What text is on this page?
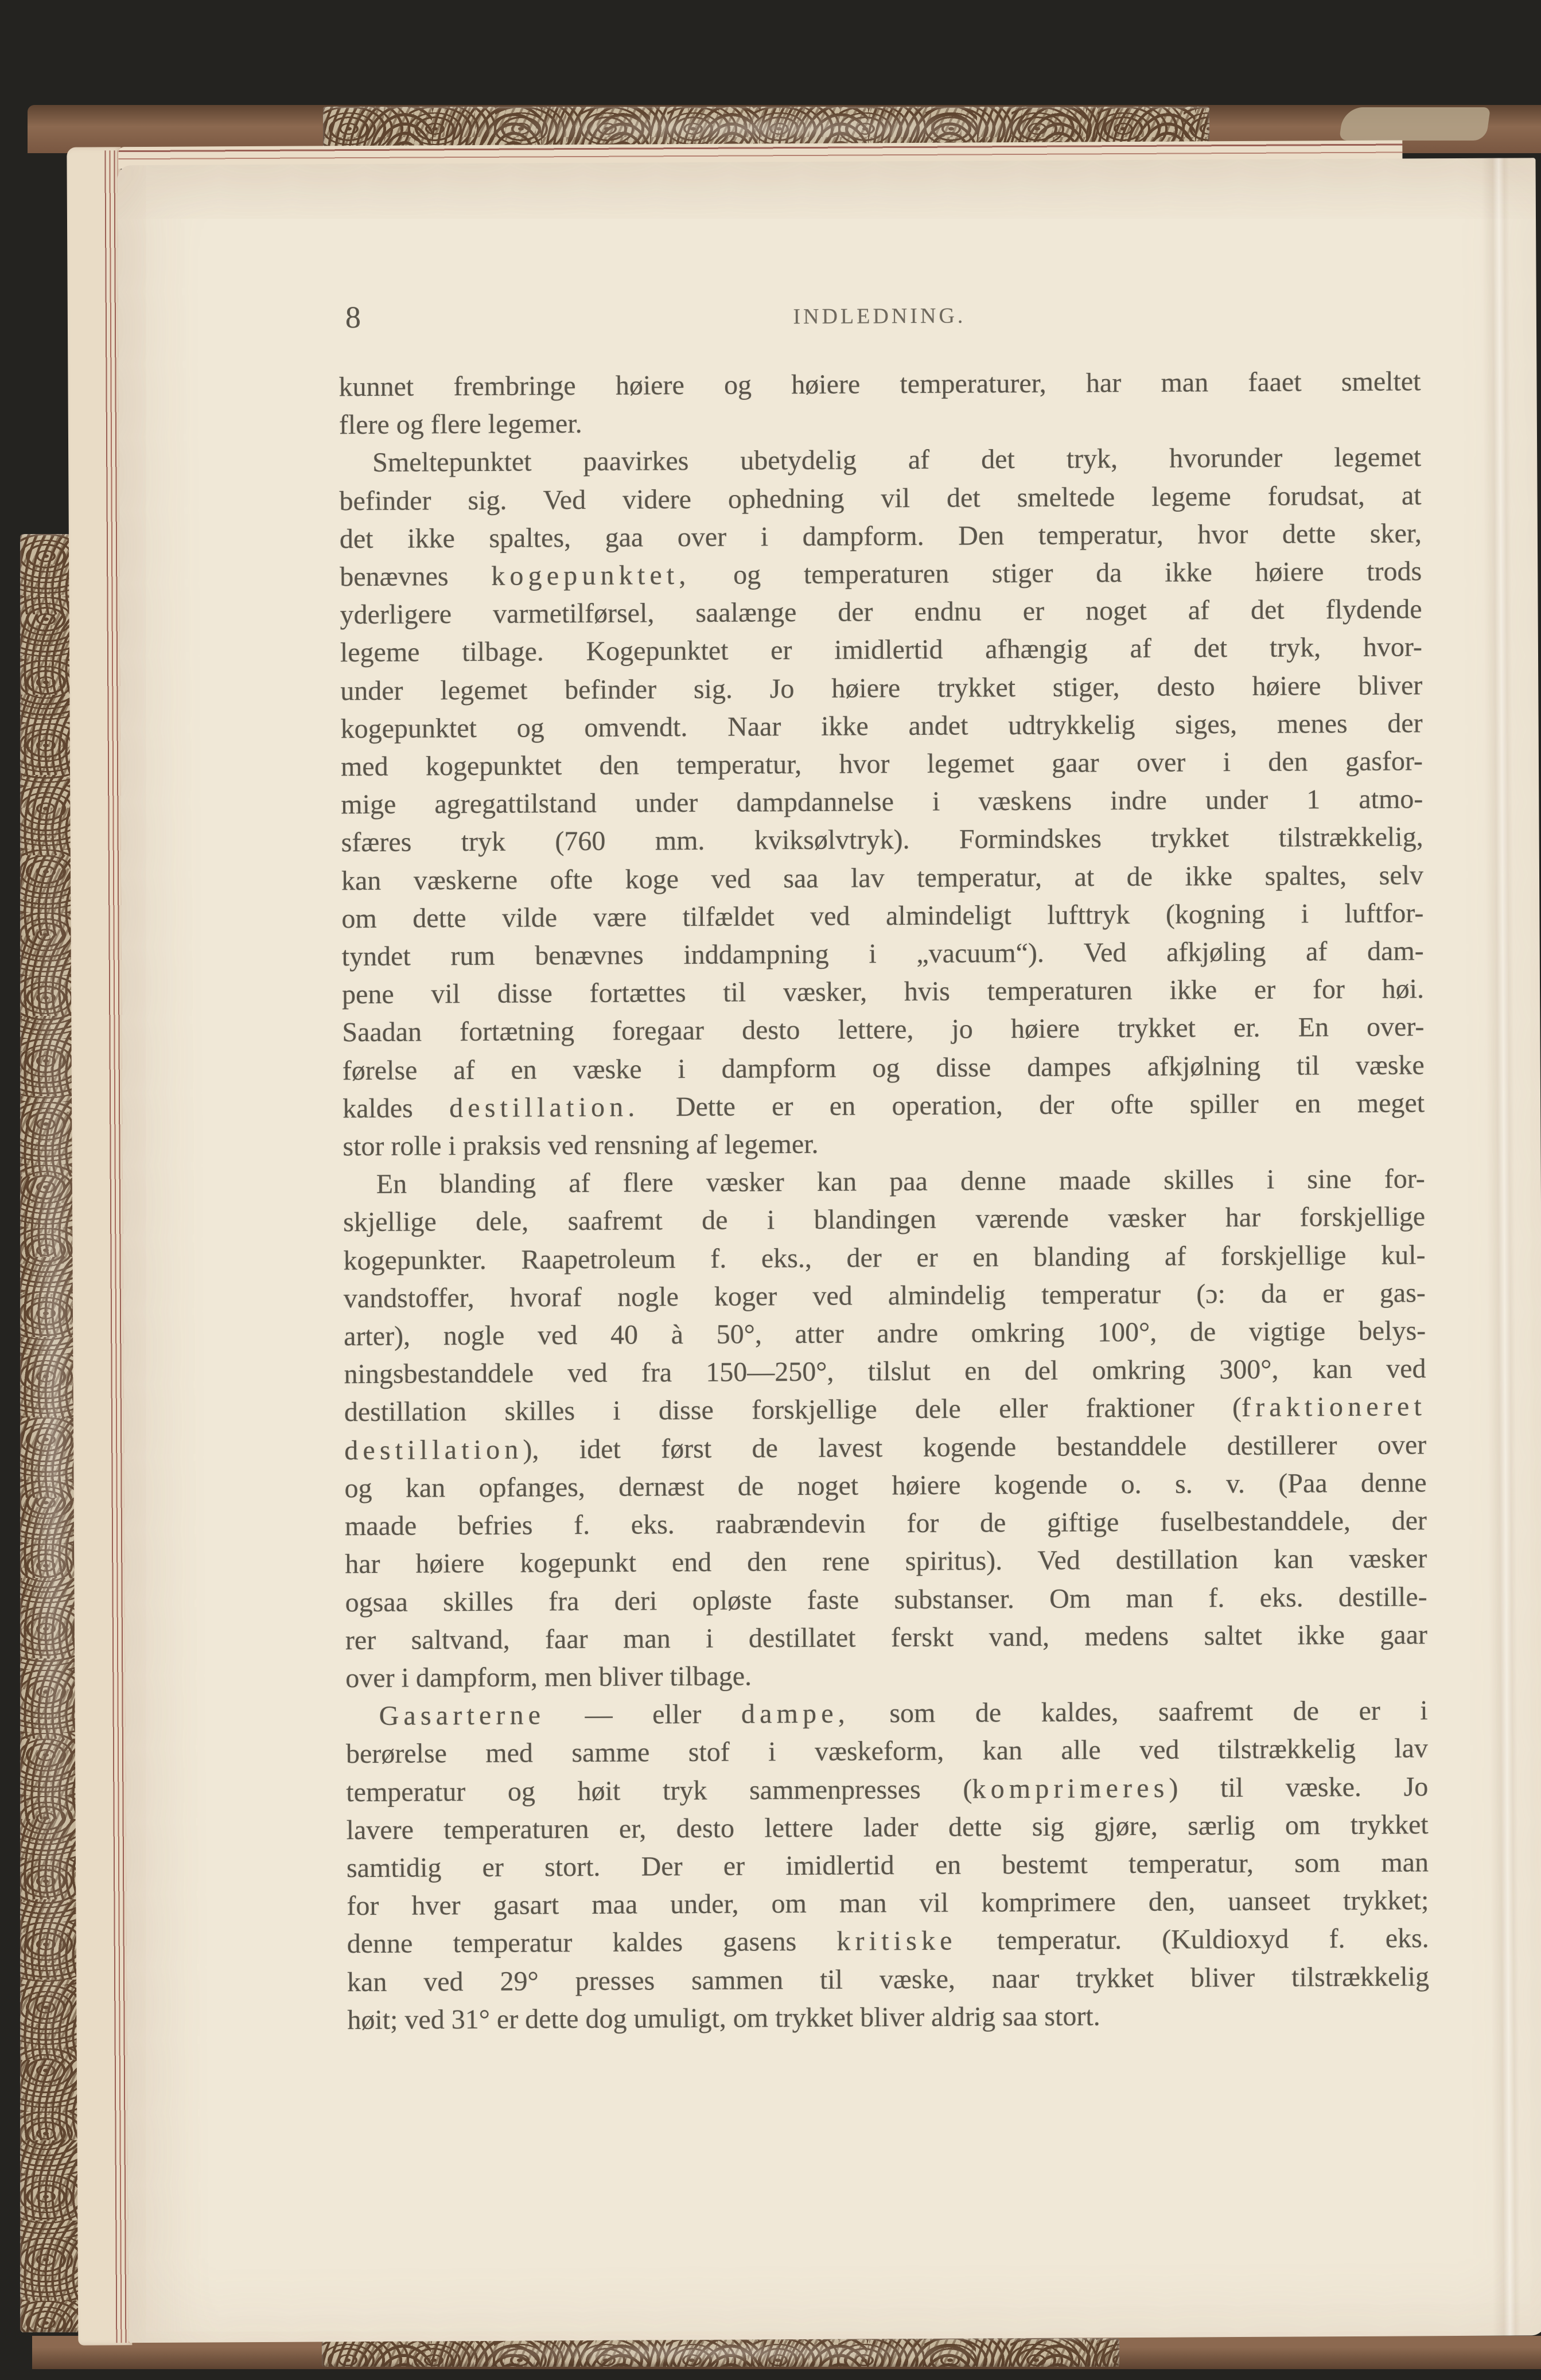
8	INDLEDNING.
kunnet frembringe høiere og høiere temperaturer, har man faaet smeltet
flere og flere legemer.
Smeltepunktet paavirkes ubetydelig af det tryk, hvorunder legemet
befinder sig. Ved videre ophedning vil det smeltede legeme forudsat, at
det ikke spaltes, gaa over i dampform. Den temperatur, hvor dette sker,
benævnes kogepunktet, og temperaturen stiger da ikke høiere trods
yderligere varmetilførsel, saalænge der endnu er noget af det flydende
legeme tilbage. Kogepunktet er imidlertid afhængig af det tryk, hvor-
under legemet befinder sig. Jo høiere trykket stiger, desto høiere bliver
kogepunktet og omvendt. Naar ikke andet udtrykkelig siges, menes der
med kogepunktet den temperatur, hvor legemet gaar over i den gasfor-
mige agregattilstand under dampdannelse i væskens indre under 1 atmo-
sfæres tryk (760 mm. kviksølvtryk). Formindskes trykket tilstrækkelig,
kan væskerne ofte koge ved saa lav temperatur, at de ikke spaltes, selv
om dette vilde være tilfældet ved almindeligt lufttryk (kogning i luftfor-
tyndet rum benævnes inddampning i „vacuum“). Ved afkjøling af dam-
pene vil disse fortættes til væsker, hvis temperaturen ikke er for høi.
Saadan fortætning foregaar desto lettere, jo høiere trykket er. En over-
førelse af en væske i dampform og disse dampes afkjølning til væske
kaldes destillation. Dette er en operation, der ofte spiller en meget
stor rolle i praksis ved rensning af legemer.
En blanding af flere væsker kan paa denne maade skilles i sine for-
skjellige dele, saafremt de i blandingen værende væsker har forskjellige
kogepunkter. Raapetroleum f. eks., der er en blanding af forskjellige kul-
vandstoffer, hvoraf nogle koger ved almindelig temperatur (ɔ: da er gas-
arter), nogle ved 40 à 50°, atter andre omkring 100°, de vigtige belys-
ningsbestanddele ved fra 150—250°, tilslut en del omkring 300°, kan ved
destillation skilles i disse forskjellige dele eller fraktioner (fraktioneret
destillation), idet først de lavest kogende bestanddele destillerer over
og kan opfanges, dernæst de noget høiere kogende o. s. v. (Paa denne
maade befries f. eks. raabrændevin for de giftige fuselbestanddele, der
har høiere kogepunkt end den rene spiritus). Ved destillation kan væsker
ogsaa skilles fra deri opløste faste substanser. Om man f. eks. destille-
rer saltvand, faar man i destillatet ferskt vand, medens saltet ikke gaar
over i dampform, men bliver tilbage.
Gasarterne — eller dampe, som de kaldes, saafremt de er i
berørelse med samme stof i væskeform, kan alle ved tilstrækkelig lav
temperatur og høit tryk sammenpresses (komprimeres) til væske. Jo
lavere temperaturen er, desto lettere lader dette sig gjøre, særlig om trykket
samtidig er stort. Der er imidlertid en bestemt temperatur, som man
for hver gasart maa under, om man vil komprimere den, uanseet trykket;
denne temperatur kaldes gasens kritiske temperatur. (Kuldioxyd f. eks.
kan ved 29° presses sammen til væske, naar trykket bliver tilstrækkelig
høit; ved 31° er dette dog umuligt, om trykket bliver aldrig saa stort.
